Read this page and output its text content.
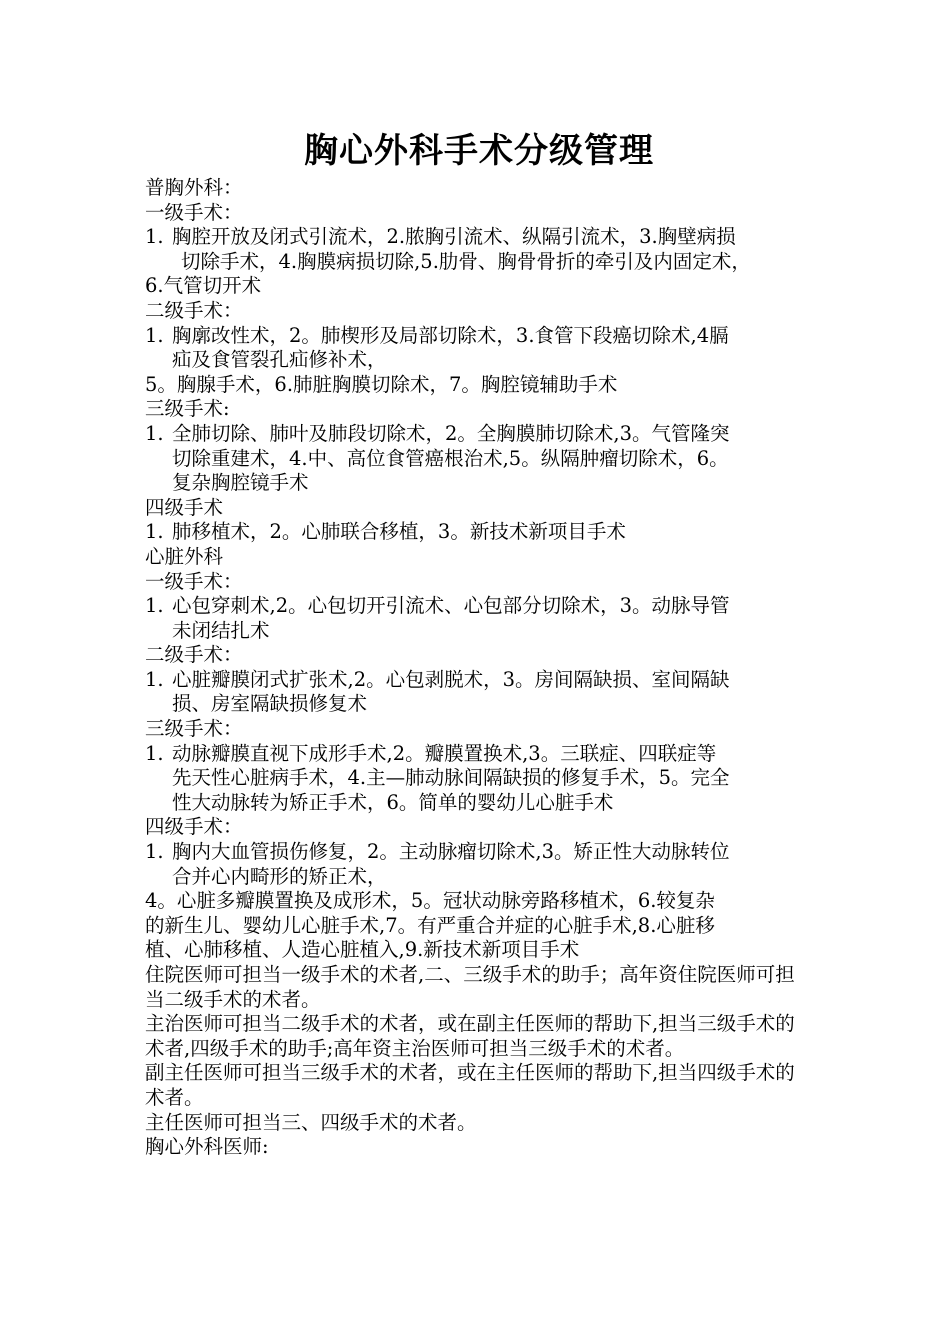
胸心外科手术分级管理
普胸外科：
一级手术：
1. 胸腔开放及闭式引流术，2.脓胸引流术、纵隔引流术，3.胸壁病损
切除手术，4.胸膜病损切除,5.肋骨、胸骨骨折的牵引及内固定术，
6.气管切开术
二级手术：
1. 胸廓改性术，2。肺楔形及局部切除术，3.食管下段癌切除术,4膈
疝及食管裂孔疝修补术，
5。胸腺手术，6.肺脏胸膜切除术，7。胸腔镜辅助手术
三级手术:
1. 全肺切除、肺叶及肺段切除术，2。全胸膜肺切除术,3。气管隆突
切除重建术，4.中、高位食管癌根治术,5。纵隔肿瘤切除术，6。
复杂胸腔镜手术
四级手术
1. 肺移植术，2。心肺联合移植，3。新技术新项目手术
心脏外科
一级手术：
1. 心包穿刺术,2。心包切开引流术、心包部分切除术，3。动脉导管
未闭结扎术
二级手术：
1. 心脏瓣膜闭式扩张术,2。心包剥脱术，3。房间隔缺损、室间隔缺
损、房室隔缺损修复术
三级手术：
1. 动脉瓣膜直视下成形手术,2。瓣膜置换术,3。三联症、四联症等
先天性心脏病手术，4.主—肺动脉间隔缺损的修复手术，5。完全
性大动脉转为矫正手术，6。简单的婴幼儿心脏手术
四级手术：
1. 胸内大血管损伤修复，2。主动脉瘤切除术,3。矫正性大动脉转位
合并心内畸形的矫正术，
4。心脏多瓣膜置换及成形术，5。冠状动脉旁路移植术，6.较复杂
的新生儿、婴幼儿心脏手术,7。有严重合并症的心脏手术,8.心脏移
植、心肺移植、人造心脏植入,9.新技术新项目手术
住院医师可担当一级手术的术者,二、三级手术的助手；高年资住院医师可担当二级手术的术者。
主治医师可担当二级手术的术者，或在副主任医师的帮助下,担当三级手术的术者,四级手术的助手;高年资主治医师可担当三级手术的术者。
副主任医师可担当三级手术的术者，或在主任医师的帮助下,担当四级手术的术者。
主任医师可担当三、四级手术的术者。
胸心外科医师:
